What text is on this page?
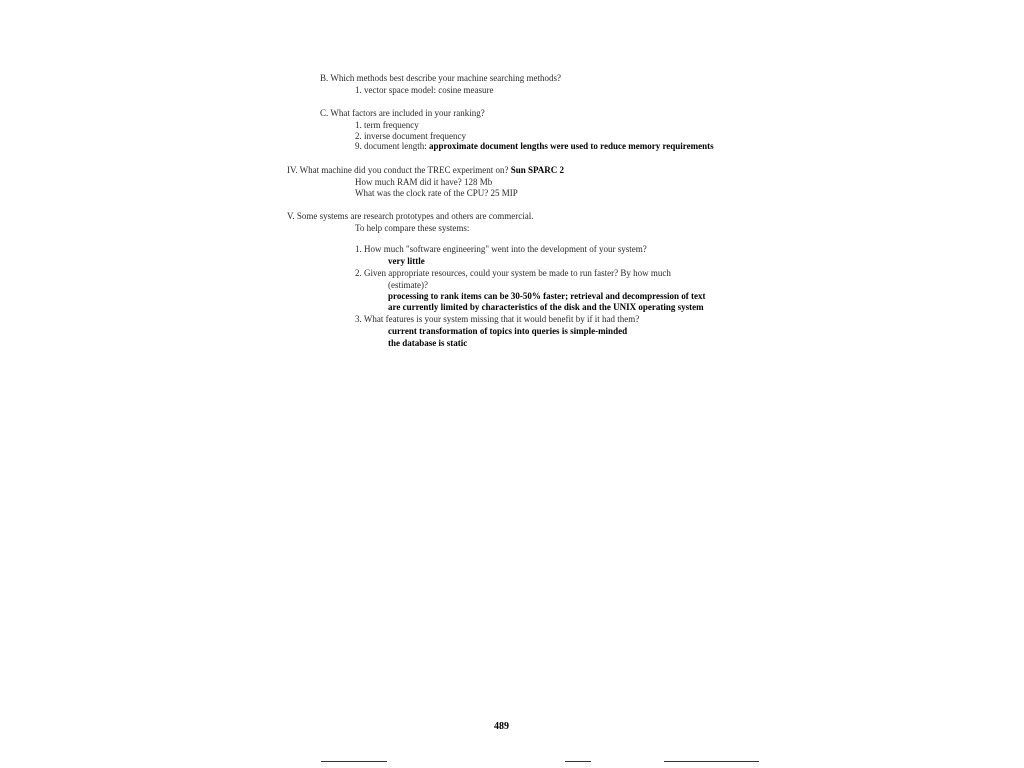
B. Which methods best describe your machine searching methods?
1. vector space model: cosine measure
C. What factors are included in your ranking?
1. term frequency
2. inverse document frequency
9. document length: approximate document lengths were used to reduce memory requirements
IV. What machine did you conduct the TREC experiment on? Sun SPARC 2
How much RAM did it have? 128 Mb
What was the clock rate of the CPU? 25 MIP
V. Some systems are research prototypes and others are commercial.
To help compare these systems:
1. How much "software engineering" went into the development of your system?
very little
2. Given appropriate resources, could your system be made to run faster? By how much
(estimate)?
processing to rank items can be 30-50% faster; retrieval and decompression of text
are currently limited by characteristics of the disk and the UNIX operating system
3. What features is your system missing that it would benefit by if it had them?
current transformation of topics into queries is simple-minded
the database is static
489
